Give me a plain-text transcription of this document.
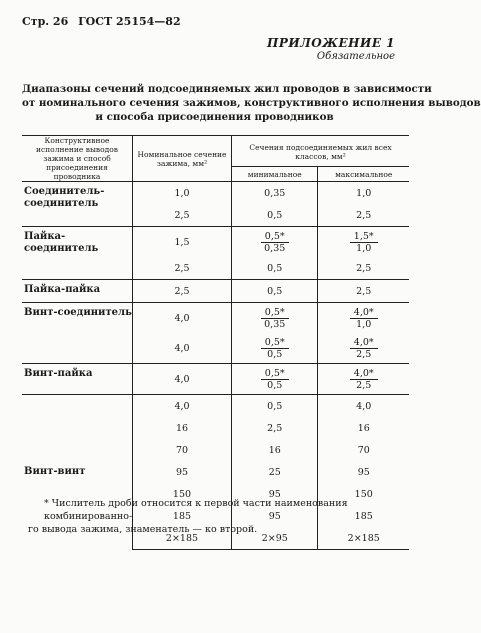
Стр. 26 ГОСТ 25154—82
ПРИЛОЖЕНИЕ 1
Обязательное
Диапазоны сечений подсоединяемых жил проводов в зависимости
от номинального сечения зажимов, конструктивного исполнения выводов
и способа присоединения проводников
Конструктивное исполнение выводов зажима и способ присоединения проводника	Номинальное сечение зажима, мм²	Сечения подсоединяемых жил всех классов, мм²	
		минимальное	максимальное
Соединитель-соединитель	1,0	0,35	1,0
	2,5	0,5	2,5
Пайка-соединитель	1,5	$\frac{0,5*}{0,35}$	$\frac{1,5*}{1,0}$

	2,5	0,5	2,5
Пайка-пайка	2,5	0,5	2,5
Винт-соединитель	4,0	$\frac{0,5*}{0,35}$	$\frac{4,0*}{1,0}$

	4,0	$\frac{0,5*}{0,5}$	$\frac{4,0*}{2,5}$

Винт-пайка	4,0	$\frac{0,5*}{0,5}$	$\frac{4,0*}{2,5}$

Винт-винт	4,0	0,5	4,0
	16	2,5	16
	70	16	70
	95	25	95
	150	95	150
	185	95	185
	2×185	2×95	2×185
* Числитель дроби относится к первой части наименования комбинированно-
го вывода зажима, знаменатель — ко второй.
